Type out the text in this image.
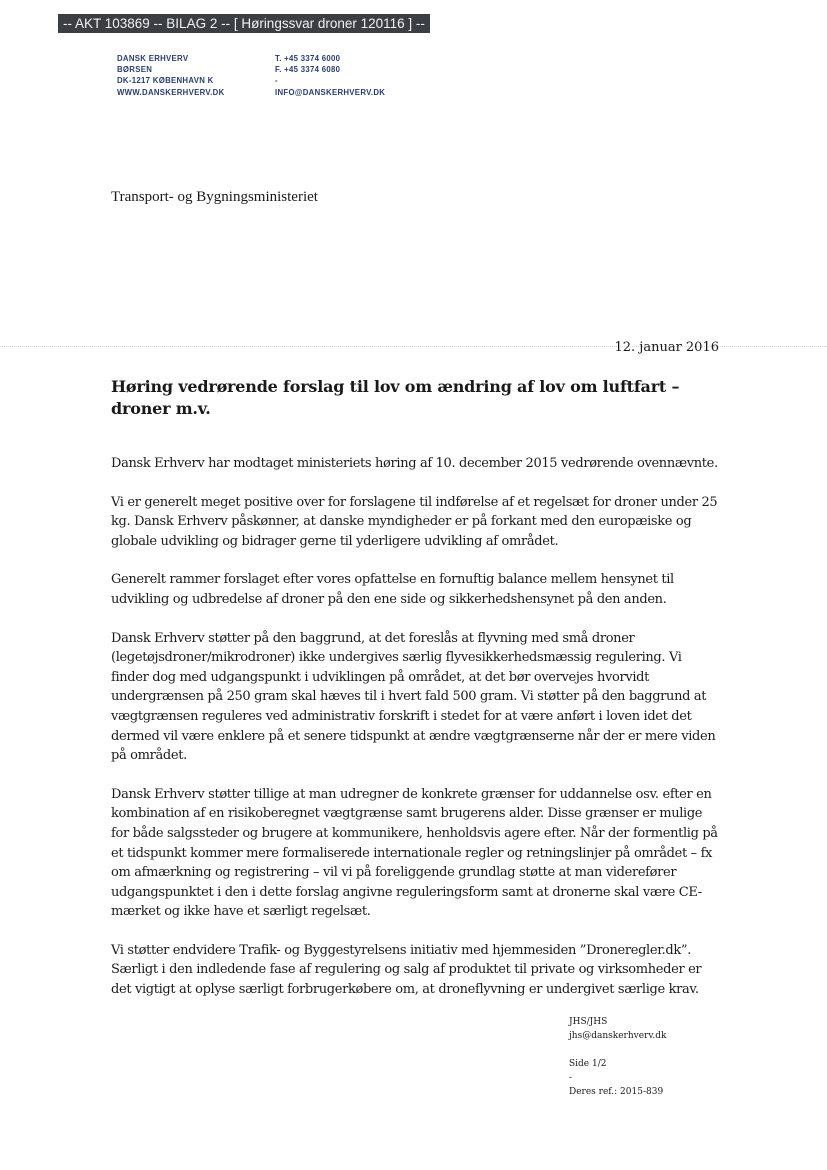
-- AKT 103869 -- BILAG 2 -- [ Høringssvar droner 120116 ] --
DANSK ERHVERV
BØRSEN
DK-1217 KØBENHAVN K
WWW.DANSKERHVERV.DK
T. +45 3374 6000
F. +45 3374 6080
-
INFO@DANSKERHVERV.DK
Transport- og Bygningsministeriet
12. januar 2016
Høring vedrørende forslag til lov om ændring af lov om luftfart – droner m.v.

Dansk Erhverv har modtaget ministeriets høring af 10. december 2015 vedrørende ovennævnte.

Vi er generelt meget positive over for forslagene til indførelse af et regelsæt for droner under 25 kg. Dansk Erhverv påskønner, at danske myndigheder er på forkant med den europæiske og globale udvikling og bidrager gerne til yderligere udvikling af området.

Generelt rammer forslaget efter vores opfattelse en fornuftig balance mellem hensynet til udvikling og udbredelse af droner på den ene side og sikkerhedshensynet på den anden.

Dansk Erhverv støtter på den baggrund, at det foreslås at flyvning med små droner (legetøjsdroner/mikrodroner) ikke undergives særlig flyvesikkerhedsmæssig regulering. Vi finder dog med udgangspunkt i udviklingen på området, at det bør overvejes hvorvidt undergrænsen på 250 gram skal hæves til i hvert fald 500 gram. Vi støtter på den baggrund at vægtgrænsen reguleres ved administrativ forskrift i stedet for at være anført i loven idet det dermed vil være enklere på et senere tidspunkt at ændre vægtgrænserne når der er mere viden på området.

Dansk Erhverv støtter tillige at man udregner de konkrete grænser for uddannelse osv. efter en kombination af en risikoberegnet vægtgrænse samt brugerens alder. Disse grænser er mulige for både salgssteder og brugere at kommunikere, henholdsvis agere efter. Når der formentlig på et tidspunkt kommer mere formaliserede internationale regler og retningslinjer på området – fx om afmærkning og registrering – vil vi på foreliggende grundlag støtte at man viderefører udgangspunktet i den i dette forslag angivne reguleringsform samt at dronerne skal være CE-mærket og ikke have et særligt regelsæt.

Vi støtter endvidere Trafik- og Byggestyrelsens initiativ med hjemmesiden ”Droneregler.dk”. Særligt i den indledende fase af regulering og salg af produktet til private og virksomheder er det vigtigt at oplyse særligt forbrugerkøbere om, at droneflyvning er undergivet særlige krav.

JHS/JHS
jhs@danskerhverv.dk
Side 1/2
-
Deres ref.: 2015-839
